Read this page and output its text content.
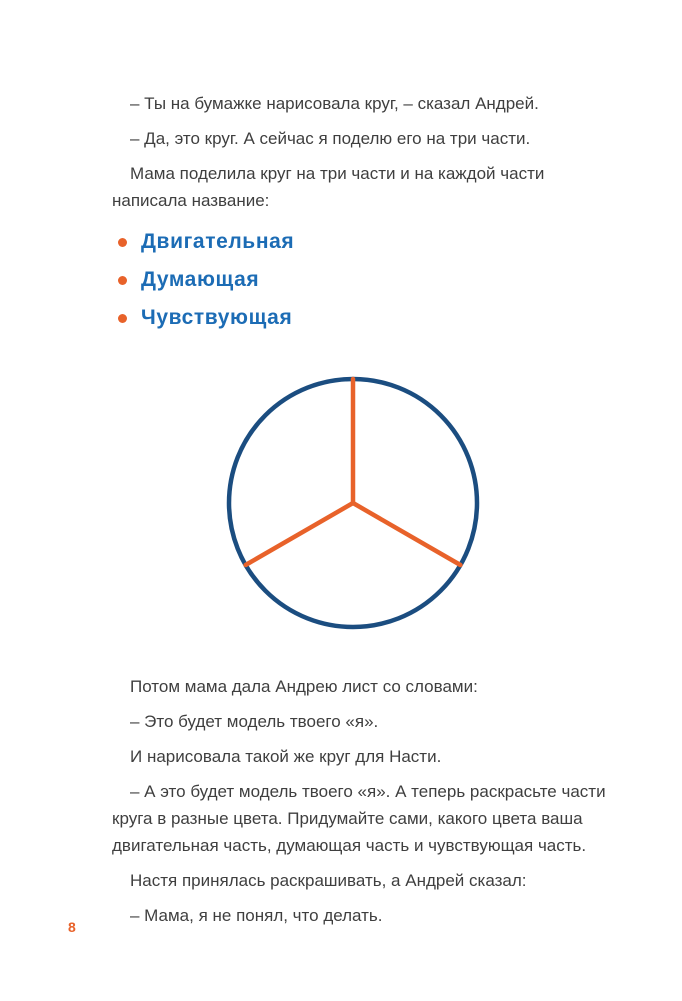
– Ты на бумажке нарисовала круг, – сказал Андрей.

– Да, это круг. А сейчас я поделю его на три части.

Мама поделила круг на три части и на каждой части написала название:

Двигательная
Думающая
Чувствующая

Потом мама дала Андрею лист со словами:

– Это будет модель твоего «я».

И нарисовала такой же круг для Насти.

– А это будет модель твоего «я». А теперь раскрасьте части круга в разные цвета. Придумайте сами, какого цвета ваша двигательная часть, думающая часть и чувствующая часть.

Настя принялась раскрашивать, а Андрей сказал:

– Мама, я не понял, что делать.

8
